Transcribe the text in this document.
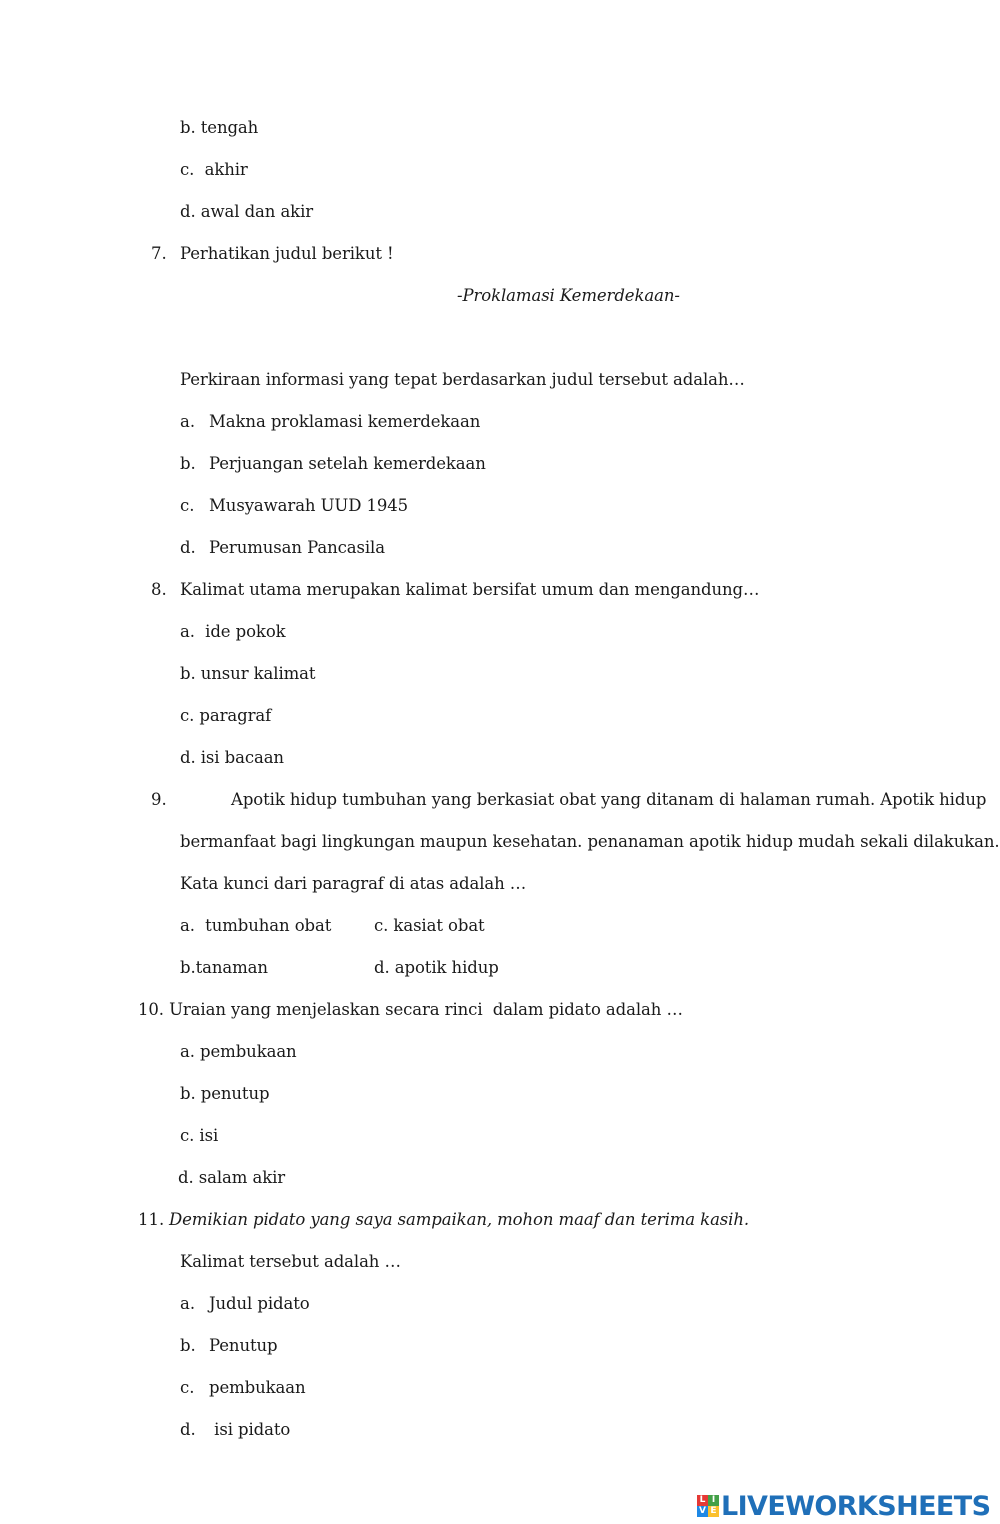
b. tengah
c.  akhir
d. awal dan akir
7. Perhatikan judul berikut !
-Proklamasi Kemerdekaan-
Perkiraan informasi yang tepat berdasarkan judul tersebut adalah…
a. Makna proklamasi kemerdekaan
b. Perjuangan setelah kemerdekaan
c. Musyawarah UUD 1945
d. Perumusan Pancasila
8. Kalimat utama merupakan kalimat bersifat umum dan mengandung…
a.  ide pokok
b. unsur kalimat
c. paragraf
d. isi bacaan
9.	Apotik hidup tumbuhan yang berkasiat obat yang ditanam di halaman rumah. Apotik hidup
bermanfaat bagi lingkungan maupun kesehatan. penanaman apotik hidup mudah sekali dilakukan.
Kata kunci dari paragraf di atas adalah …
a.  tumbuhan obat	c. kasiat obat
b.tanaman	d. apotik hidup
10. Uraian yang menjelaskan secara rinci  dalam pidato adalah …
a. pembukaan
b. penutup
c. isi
d. salam akir
11. Demikian pidato yang saya sampaikan, mohon maaf dan terima kasih.
Kalimat tersebut adalah …
a. Judul pidato
b. Penutup
c. pembukaan
d. isi pidato
L I
V E LIVEWORKSHEETS
